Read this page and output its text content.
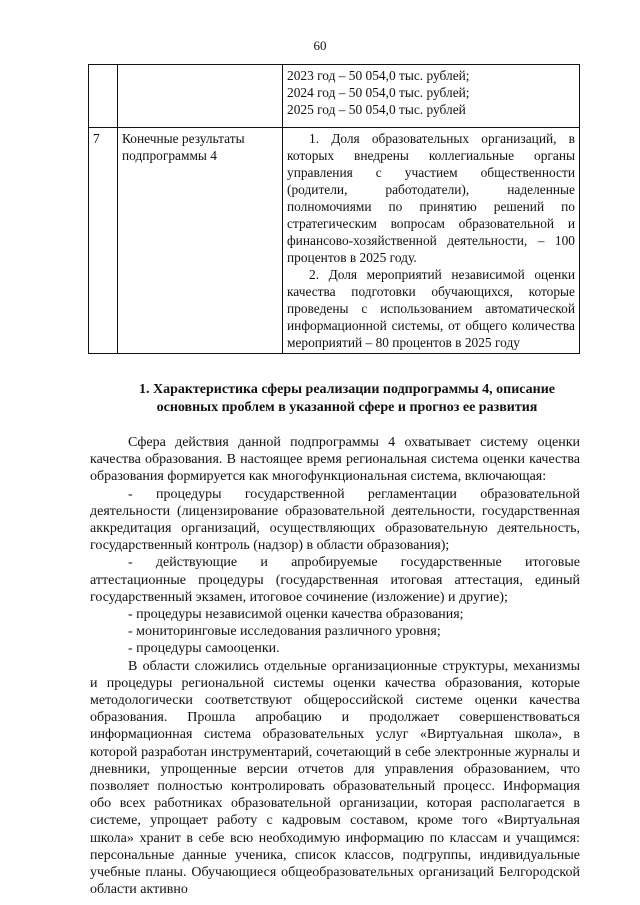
60

		2023 год – 50 054,0 тыс. рублей;
2024 год – 50 054,0 тыс. рублей;
2025 год – 50 054,0 тыс. рублей

7	Конечные результаты подпрограммы 4	1. Доля образовательных организаций, в которых внедрены коллегиальные органы управления с участием общественности (родители, работодатели), наделенные полномочиями по принятию решений по стратегическим вопросам образовательной и финансово-хозяйственной деятельности, – 100 процентов в 2025 году.
2. Доля мероприятий независимой оценки качества подготовки обучающихся, которые проведены с использованием автоматической информационной системы, от общего количества мероприятий – 80 процентов в 2025 году
1. Характеристика сферы реализации подпрограммы 4, описание
основных проблем в указанной сфере и прогноз ее развития

Сфера действия данной подпрограммы 4 охватывает систему оценки качества образования. В настоящее время региональная система оценки качества образования формируется как многофункциональная система, включающая:

- процедуры государственной регламентации образовательной деятельности (лицензирование образовательной деятельности, государственная аккредитация организаций, осуществляющих образовательную деятельность, государственный контроль (надзор) в области образования);

- действующие и апробируемые государственные итоговые аттестационные процедуры (государственная итоговая аттестация, единый государственный экзамен, итоговое сочинение (изложение) и другие);

- процедуры независимой оценки качества образования;

- мониторинговые исследования различного уровня;

- процедуры самооценки.

В области сложились отдельные организационные структуры, механизмы и процедуры региональной системы оценки качества образования, которые методологически соответствуют общероссийской системе оценки качества образования. Прошла апробацию и продолжает совершенствоваться информационная система образовательных услуг «Виртуальная школа», в которой разработан инструментарий, сочетающий в себе электронные журналы и дневники, упрощенные версии отчетов для управления образованием, что позволяет полностью контролировать образовательный процесс. Информация обо всех работниках образовательной организации, которая располагается в системе, упрощает работу с кадровым составом, кроме того «Виртуальная школа» хранит в себе всю необходимую информацию по классам и учащимся: персональные данные ученика, список классов, подгруппы, индивидуальные учебные планы. Обучающиеся общеобразовательных организаций Белгородской области активно
